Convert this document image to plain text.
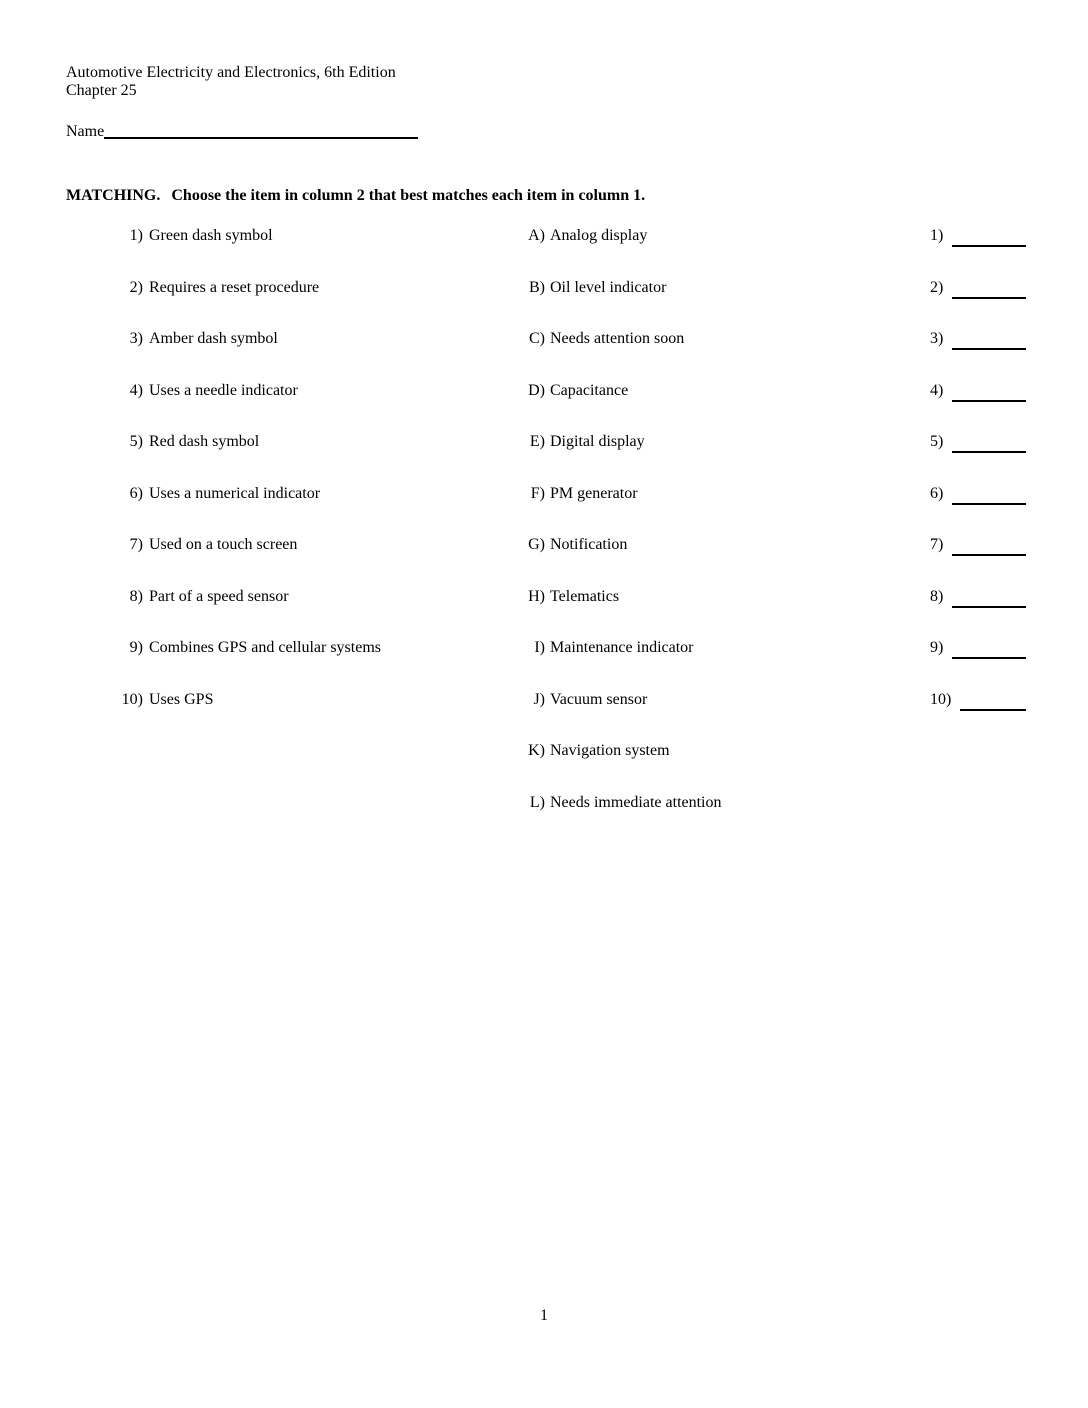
Automotive Electricity and Electronics, 6th Edition
Chapter 25
Name
MATCHING. Choose the item in column 2 that best matches each item in column 1.
1) Green dash symbol
2) Requires a reset procedure
3) Amber dash symbol
4) Uses a needle indicator
5) Red dash symbol
6) Uses a numerical indicator
7) Used on a touch screen
8) Part of a speed sensor
9) Combines GPS and cellular systems
10) Uses GPS
A) Analog display
B) Oil level indicator
C) Needs attention soon
D) Capacitance
E) Digital display
F) PM generator
G) Notification
H) Telematics
I) Maintenance indicator
J) Vacuum sensor
K) Navigation system
L) Needs immediate attention
1)
2)
3)
4)
5)
6)
7)
8)
9)
10)
1
